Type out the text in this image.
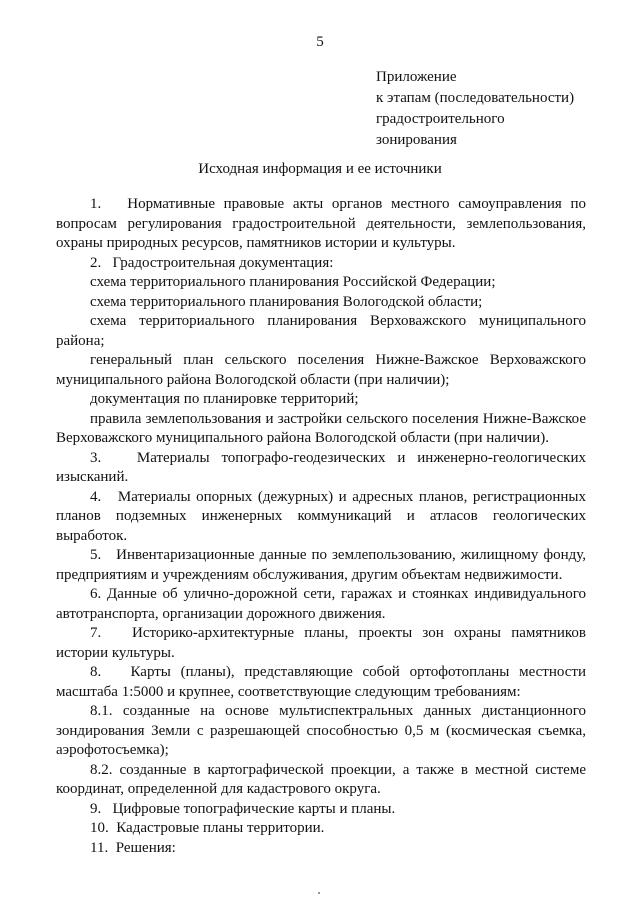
5
Приложение
к этапам (последовательности)
градостроительного
зонирования
Исходная информация и ее источники

1.   Нормативные правовые акты органов местного самоуправления по вопросам регулирования градостроительной деятельности, землепользования, охраны природных ресурсов, памятников истории и культуры.

2.   Градостроительная документация:

схема территориального планирования Российской Федерации;

схема территориального планирования Вологодской области;

схема территориального планирования Верховажского муниципального района;

генеральный план сельского поселения Нижне-Важское Верховажского муниципального района Вологодской области (при наличии);

документация по планировке территорий;

правила землепользования и застройки сельского поселения Нижне-Важское Верховажского муниципального района Вологодской области (при наличии).

3.   Материалы топографо-геодезических и инженерно-геологических изысканий.

4.   Материалы опорных (дежурных) и адресных планов, регистрационных планов подземных инженерных коммуникаций и атласов геологических выработок.

5.   Инвентаризационные данные по землепользованию, жилищному фонду, предприятиям и учреждениям обслуживания, другим объектам недвижимости.

6. Данные об улично-дорожной сети, гаражах и стоянках индивидуального автотранспорта, организации дорожного движения.

7.   Историко-архитектурные планы, проекты зон охраны памятников истории культуры.

8.   Карты (планы), представляющие собой ортофотопланы местности масштаба 1:5000 и крупнее, соответствующие следующим требованиям:

8.1. созданные на основе мультиспектральных данных дистанционного зондирования Земли с разрешающей способностью 0,5 м (космическая съемка, аэрофотосъемка);

8.2. созданные в картографической проекции, а также в местной системе координат, определенной для кадастрового округа.

9.   Цифровые топографические карты и планы.

10.  Кадастровые планы территории.

11.  Решения:
